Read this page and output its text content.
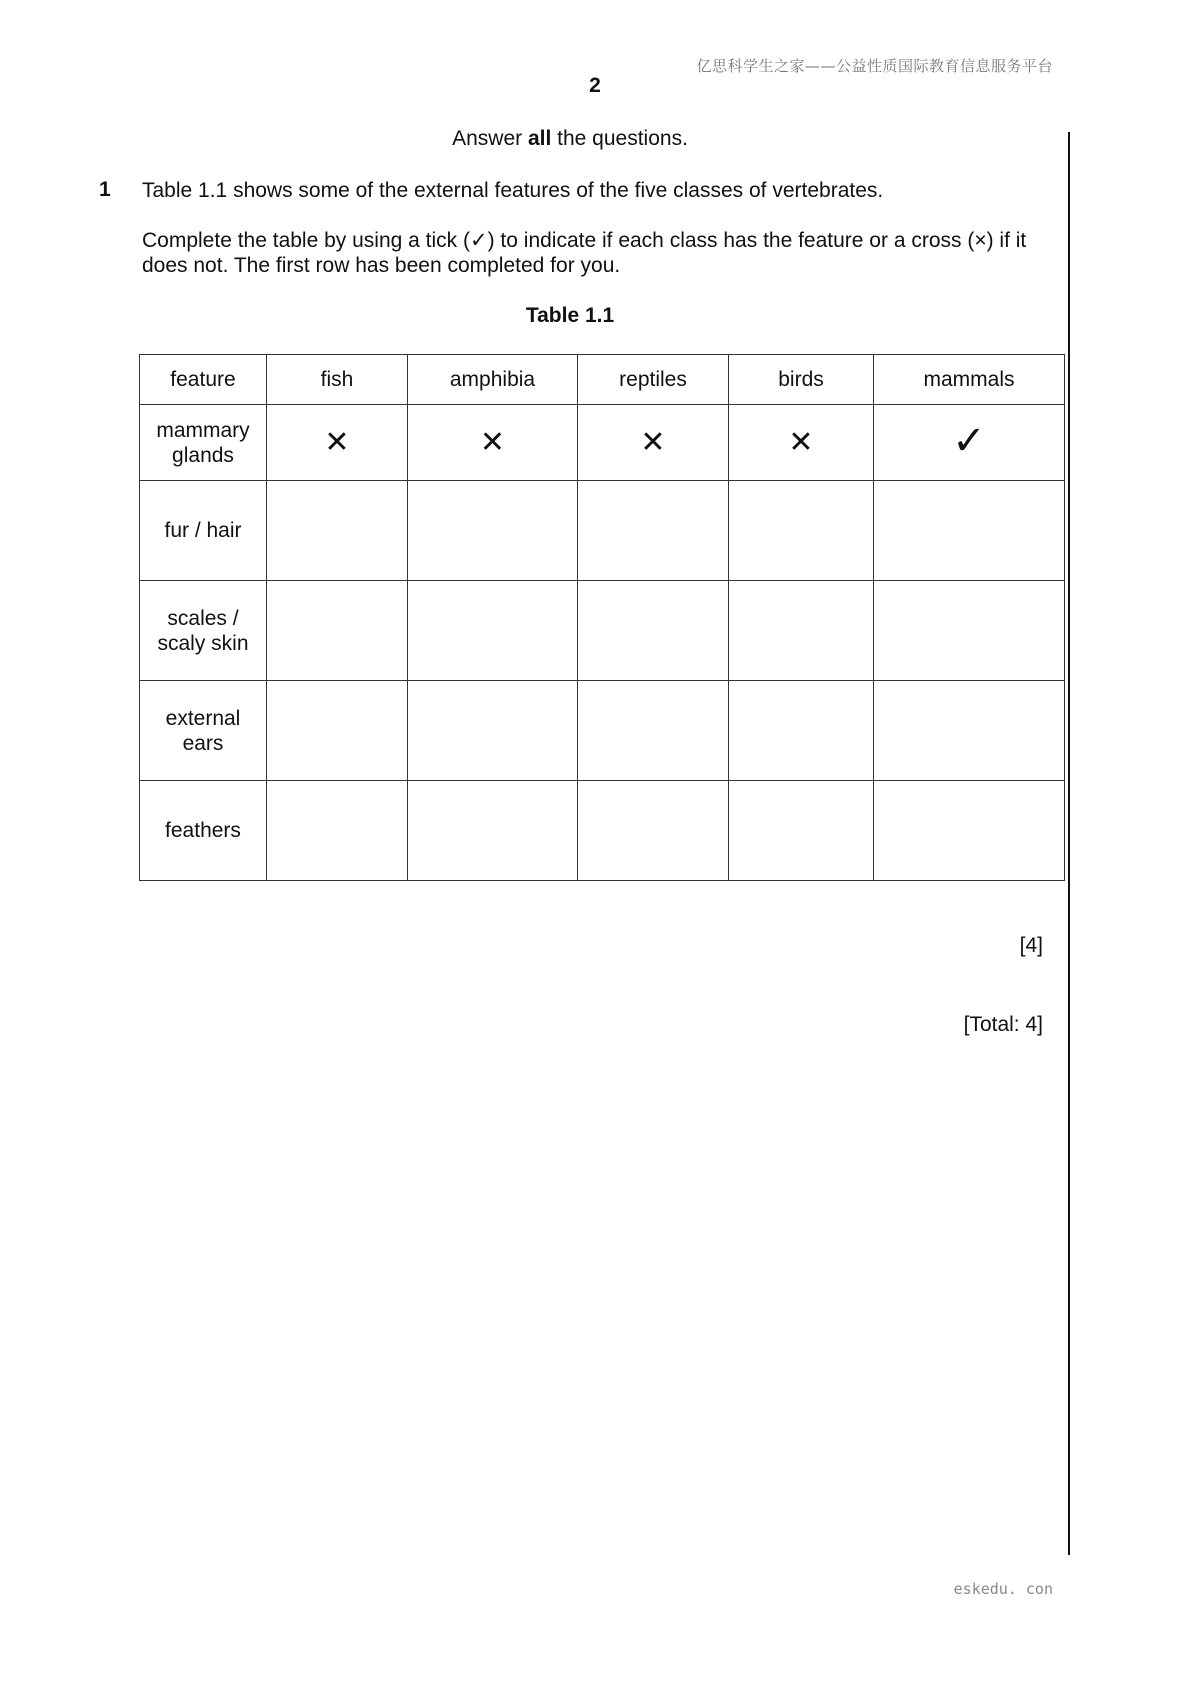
亿思科学生之家——公益性质国际教育信息服务平台
2
Answer all the questions.
1 Table 1.1 shows some of the external features of the five classes of vertebrates.
Complete the table by using a tick (✓) to indicate if each class has the feature or a cross (×) if it does not. The first row has been completed for you.
Table 1.1
feature	fish	amphibia	reptiles	birds	mammals
mammary glands	✕	✕	✕	✕	✓
fur / hair					
scales / scaly skin					
external ears					
feathers					
[4]
[Total: 4]
eskedu. con
